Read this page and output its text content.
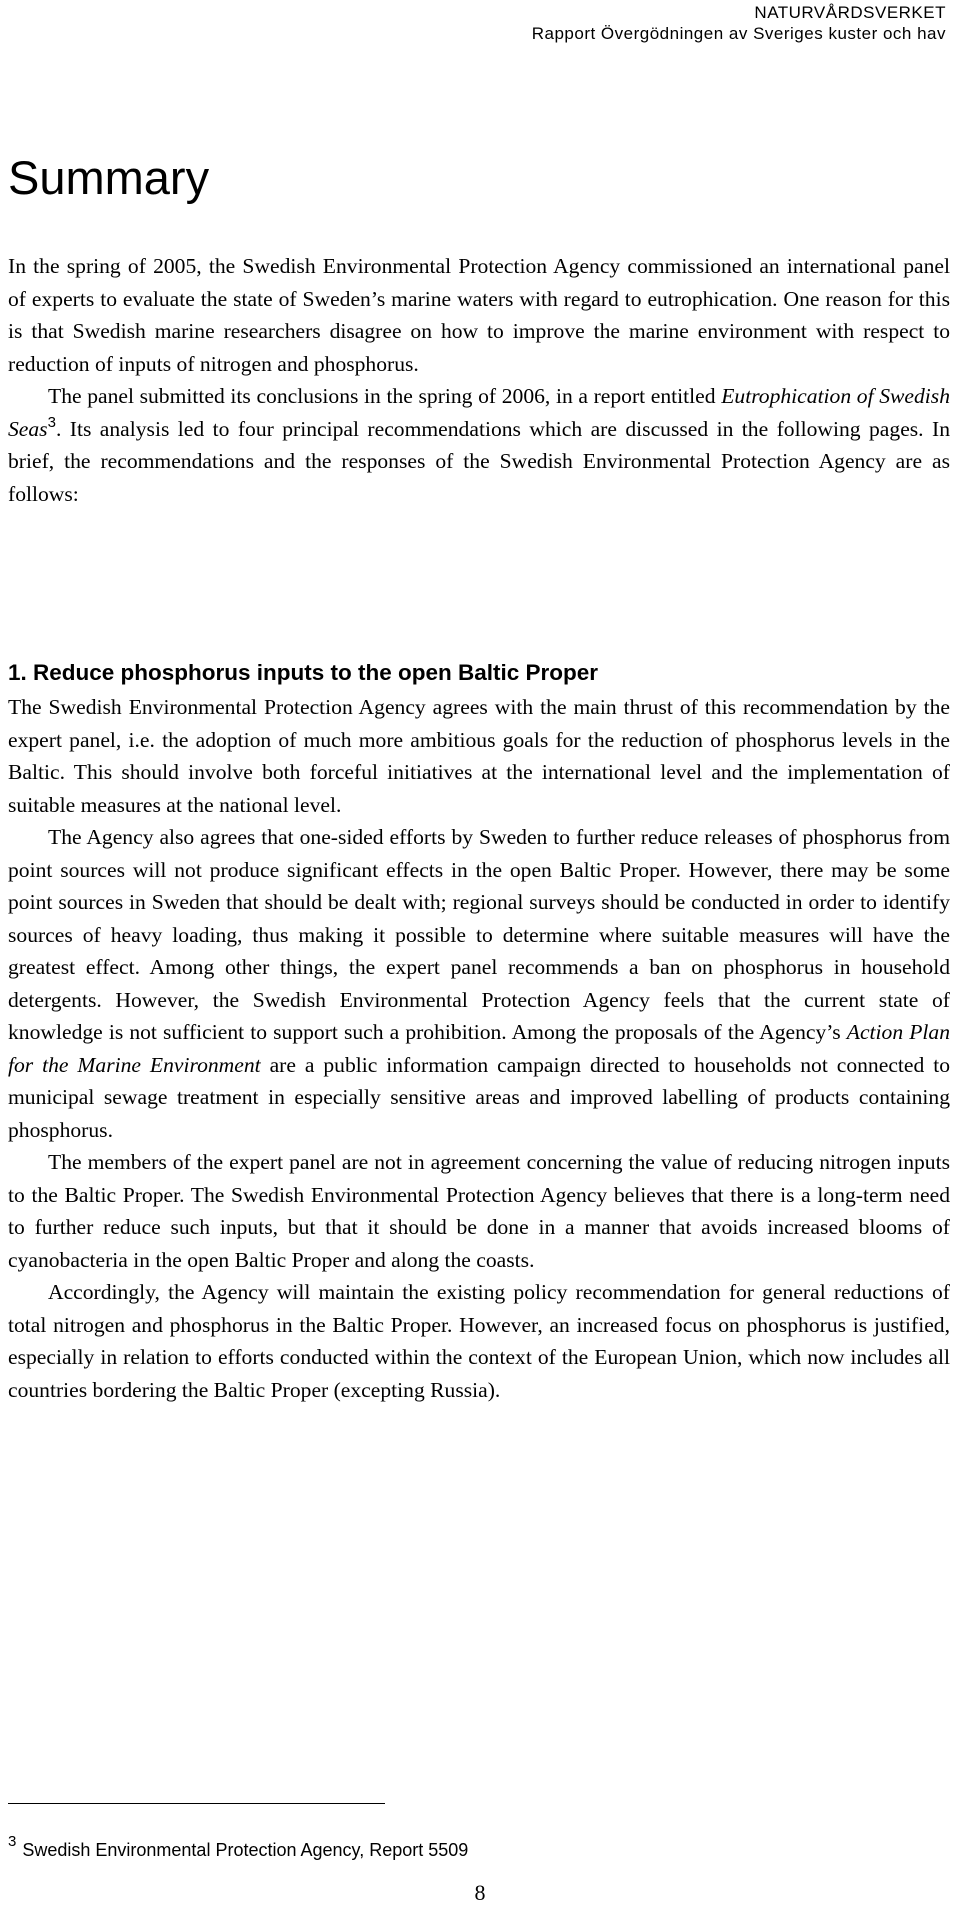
NATURVÅRDSVERKET
Rapport Övergödningen av Sveriges kuster och hav
Summary

In the spring of 2005, the Swedish Environmental Protection Agency commissioned an international panel of experts to evaluate the state of Sweden’s marine waters with regard to eutrophication. One reason for this is that Swedish marine researchers disagree on how to improve the marine environment with respect to reduction of inputs of nitrogen and phosphorus.

The panel submitted its conclusions in the spring of 2006, in a report entitled Eutrophication of Swedish Seas$^3$. Its analysis led to four principal recommendations which are discussed in the following pages. In brief, the recommendations and the responses of the Swedish Environmental Protection Agency are as follows:

1. Reduce phosphorus inputs to the open Baltic Proper

The Swedish Environmental Protection Agency agrees with the main thrust of this recommendation by the expert panel, i.e. the adoption of much more ambitious goals for the reduction of phosphorus levels in the Baltic. This should involve both forceful initiatives at the international level and the implementation of suitable measures at the national level.

The Agency also agrees that one-sided efforts by Sweden to further reduce releases of phosphorus from point sources will not produce significant effects in the open Baltic Proper. However, there may be some point sources in Sweden that should be dealt with; regional surveys should be conducted in order to identify sources of heavy loading, thus making it possible to determine where suitable measures will have the greatest effect. Among other things, the expert panel recommends a ban on phosphorus in household detergents. However, the Swedish Environmental Protection Agency feels that the current state of knowledge is not sufficient to support such a prohibition. Among the proposals of the Agency’s Action Plan for the Marine Environment are a public information campaign directed to households not connected to municipal sewage treatment in especially sensitive areas and improved labelling of products containing phosphorus.

The members of the expert panel are not in agreement concerning the value of reducing nitrogen inputs to the Baltic Proper. The Swedish Environmental Protection Agency believes that there is a long-term need to further reduce such inputs, but that it should be done in a manner that avoids increased blooms of cyanobacteria in the open Baltic Proper and along the coasts.

Accordingly, the Agency will maintain the existing policy recommendation for general reductions of total nitrogen and phosphorus in the Baltic Proper. However, an increased focus on phosphorus is justified, especially in relation to efforts conducted within the context of the European Union, which now includes all countries bordering the Baltic Proper (excepting Russia).

$^3$ Swedish Environmental Protection Agency, Report 5509
8
